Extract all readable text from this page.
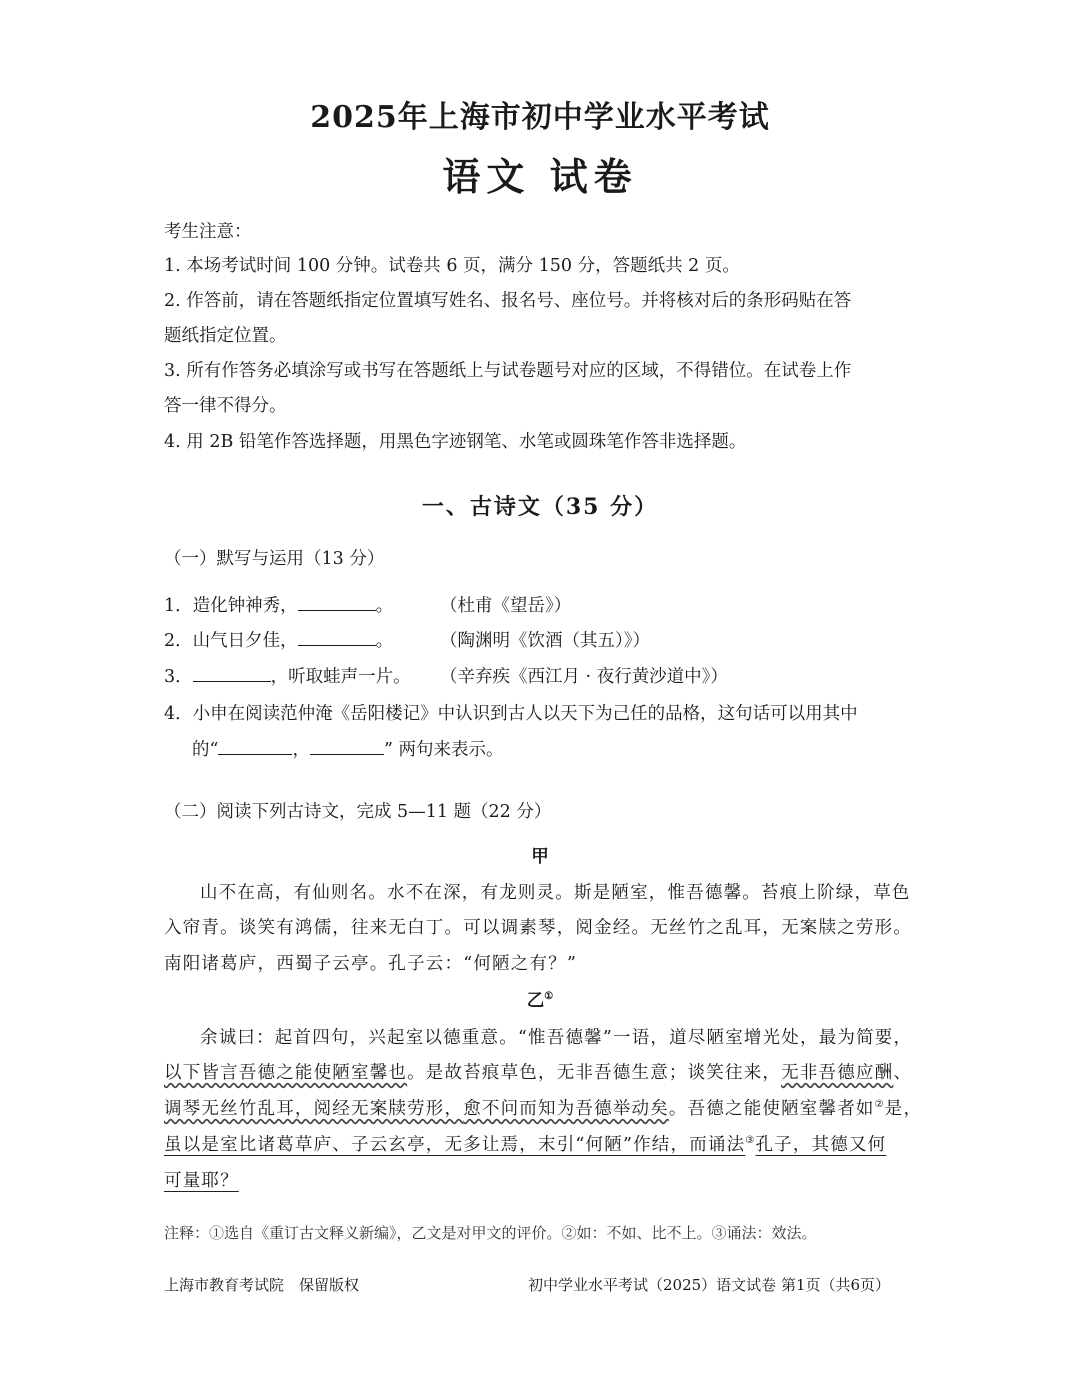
2025年上海市初中学业水平考试
语文 试卷
考生注意：
1. 本场考试时间 100 分钟。试卷共 6 页，满分 150 分，答题纸共 2 页。
2. 作答前，请在答题纸指定位置填写姓名、报名号、座位号。并将核对后的条形码贴在答
题纸指定位置。
3. 所有作答务必填涂写或书写在答题纸上与试卷题号对应的区域，不得错位。在试卷上作
答一律不得分。
4. 用 2B 铅笔作答选择题，用黑色字迹钢笔、水笔或圆珠笔作答非选择题。
一、古诗文（35 分）
（一）默写与运用（13 分）
1．造化钟神秀，	。	（杜甫《望岳》）
2．山气日夕佳，	。	（陶渊明《饮酒（其五）》）
3．	，听取蛙声一片。 （辛弃疾《西江月 · 夜行黄沙道中》）
4．小申在阅读范仲淹《岳阳楼记》中认识到古人以天下为己任的品格，这句话可以用其中
的“	，	” 两句来表示。
（二）阅读下列古诗文，完成 5—11 题（22 分）
甲
山不在高，有仙则名。水不在深，有龙则灵。斯是陋室，惟吾德馨。苔痕上阶绿，草色
入帘青。谈笑有鸿儒，往来无白丁。可以调素琴，阅金经。无丝竹之乱耳，无案牍之劳形。
南阳诸葛庐，西蜀子云亭。孔子云：“何陋之有？”
乙①
余诚曰：起首四句，兴起室以德重意。“惟吾德馨”一语，道尽陋室增光处，最为简要，
以下皆言吾德之能使陋室馨也。是故苔痕草色，无非吾德生意；谈笑往来，无非吾德应酬、
调琴无丝竹乱耳，阅经无案牍劳形，愈不问而知为吾德举动矣。吾德之能使陋室馨者如②是，
虽以是室比诸葛草庐、子云玄亭，无多让焉，末引“何陋”作结，而诵法③孔子，其德又何
可量耶？
注释：①选自《重订古文释义新编》，乙文是对甲文的评价。②如：不如、比不上。③诵法：效法。
上海市教育考试院　保留版权	初中学业水平考试（2025）语文试卷 第1页（共6页）
